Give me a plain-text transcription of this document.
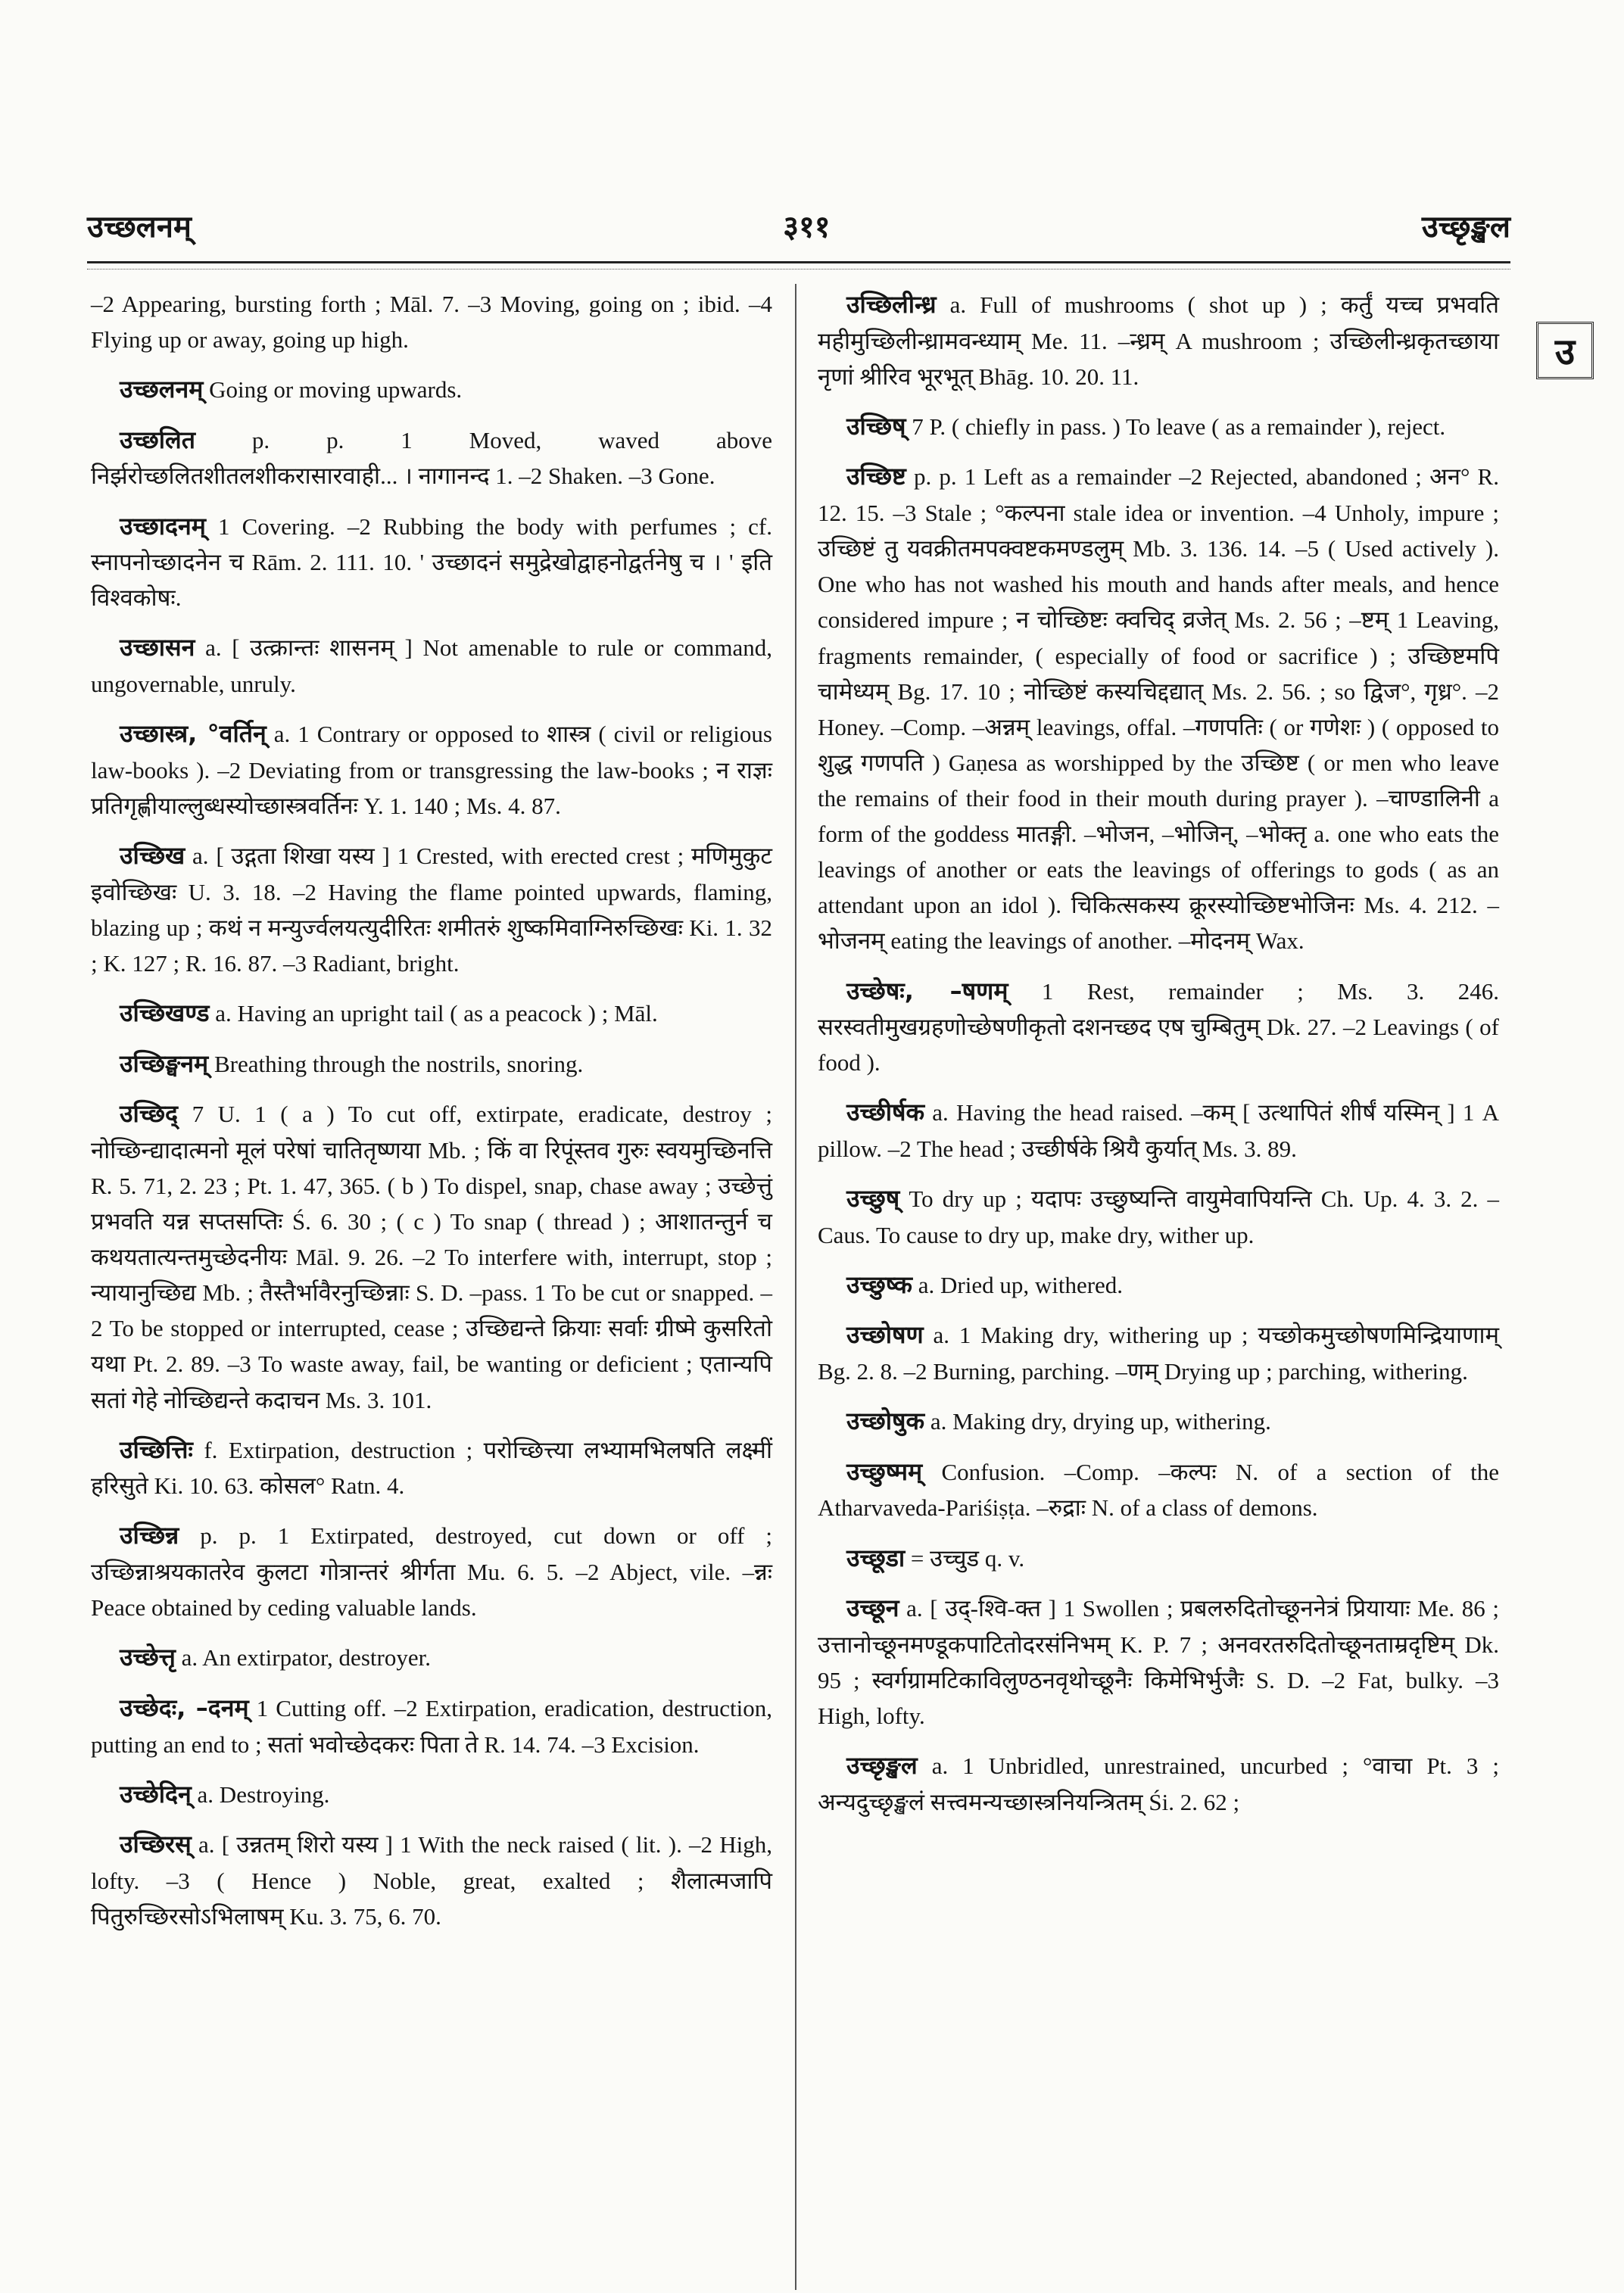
उच्छलनम्	३११	उच्छृङ्खल
उ

–2 Appearing, bursting forth ; Māl. 7. –3 Moving, going on ; ibid. –4 Flying up or away, going up high.

उच्छलनम् Going or moving upwards.

उच्छलित p. p. 1 Moved, waved above निर्झरोच्छलितशीतलशीकरासारवाही... । नागानन्द 1. –2 Shaken. –3 Gone.

उच्छादनम् 1 Covering. –2 Rubbing the body with perfumes ; cf. स्नापनोच्छादनेन च Rām. 2. 111. 10. ' उच्छादनं समुद्रेखोद्वाहनोद्वर्तनेषु च । ' इति विश्वकोषः.

उच्छासन a. [ उत्क्रान्तः शासनम् ] Not amenable to rule or command, ungovernable, unruly.

उच्छास्त्र, °वर्तिन् a. 1 Contrary or opposed to शास्त्र ( civil or religious law-books ). –2 Deviating from or transgressing the law-books ; न राज्ञः प्रतिगृह्णीयाल्लुब्धस्योच्छास्त्रवर्तिनः Y. 1. 140 ; Ms. 4. 87.

उच्छिख a. [ उद्गता शिखा यस्य ] 1 Crested, with erected crest ; मणिमुकुट इवोच्छिखः U. 3. 18. –2 Having the flame pointed upwards, flaming, blazing up ; कथं न मन्युर्ज्वलयत्युदीरितः शमीतरुं शुष्कमिवाग्निरुच्छिखः Ki. 1. 32 ; K. 127 ; R. 16. 87. –3 Radiant, bright.

उच्छिखण्ड a. Having an upright tail ( as a peacock ) ; Māl.

उच्छिङ्घनम् Breathing through the nostrils, snoring.

उच्छिद् 7 U. 1 ( a ) To cut off, extirpate, eradicate, destroy ; नोच्छिन्द्यादात्मनो मूलं परेषां चातितृष्णया Mb. ; किं वा रिपूंस्तव गुरुः स्वयमुच्छिनत्ति R. 5. 71, 2. 23 ; Pt. 1. 47, 365. ( b ) To dispel, snap, chase away ; उच्छेत्तुं प्रभवति यन्न सप्तसप्तिः Ś. 6. 30 ; ( c ) To snap ( thread ) ; आशातन्तुर्न च कथयतात्यन्तमुच्छेदनीयः Māl. 9. 26. –2 To interfere with, interrupt, stop ; न्यायानुच्छिद्य Mb. ; तैस्तैर्भावैरनुच्छिन्नाः S. D. –pass. 1 To be cut or snapped. –2 To be stopped or interrupted, cease ; उच्छिद्यन्ते क्रियाः सर्वाः ग्रीष्मे कुसरितो यथा Pt. 2. 89. –3 To waste away, fail, be wanting or deficient ; एतान्यपि सतां गेहे नोच्छिद्यन्ते कदाचन Ms. 3. 101.

उच्छित्तिः f. Extirpation, destruction ; परोच्छित्त्या लभ्यामभिलषति लक्ष्मीं हरिसुते Ki. 10. 63. कोसल° Ratn. 4.

उच्छिन्न p. p. 1 Extirpated, destroyed, cut down or off ; उच्छिन्नाश्रयकातरेव कुलटा गोत्रान्तरं श्रीर्गता Mu. 6. 5. –2 Abject, vile. –न्नः Peace obtained by ceding valuable lands.

उच्छेत्तृ a. An extirpator, destroyer.

उच्छेदः, –दनम् 1 Cutting off. –2 Extirpation, eradication, destruction, putting an end to ; सतां भवोच्छेदकरः पिता ते R. 14. 74. –3 Excision.

उच्छेदिन् a. Destroying.

उच्छिरस् a. [ उन्नतम् शिरो यस्य ] 1 With the neck raised ( lit. ). –2 High, lofty. –3 ( Hence ) Noble, great, exalted ; शैलात्मजापि पितुरुच्छिरसोऽभिलाषम् Ku. 3. 75, 6. 70.

उच्छिलीन्ध्र a. Full of mushrooms ( shot up ) ; कर्तुं यच्च प्रभवति महीमुच्छिलीन्ध्रामवन्ध्याम् Me. 11. –न्ध्रम् A mushroom ; उच्छिलीन्ध्रकृतच्छाया नृणां श्रीरिव भूरभूत् Bhāg. 10. 20. 11.

उच्छिष् 7 P. ( chiefly in pass. ) To leave ( as a remainder ), reject.

उच्छिष्ट p. p. 1 Left as a remainder –2 Rejected, abandoned ; अन° R. 12. 15. –3 Stale ; °कल्पना stale idea or invention. –4 Unholy, impure ; उच्छिष्टं तु यवक्रीतमपक्वष्टकमण्डलुम् Mb. 3. 136. 14. –5 ( Used actively ). One who has not washed his mouth and hands after meals, and hence considered impure ; न चोच्छिष्टः क्वचिद् व्रजेत् Ms. 2. 56 ; –ष्टम् 1 Leaving, fragments remainder, ( especially of food or sacrifice ) ; उच्छिष्टमपि चामेध्यम् Bg. 17. 10 ; नोच्छिष्टं कस्यचिद्दद्यात् Ms. 2. 56. ; so द्विज°, गृध्र°. –2 Honey. –Comp. –अन्नम् leavings, offal. –गणपतिः ( or गणेशः ) ( opposed to शुद्ध गणपति ) Gaṇesa as worshipped by the उच्छिष्ट ( or men who leave the remains of their food in their mouth during prayer ). –चाण्डालिनी a form of the goddess मातङ्गी. –भोजन, –भोजिन्, –भोक्तृ a. one who eats the leavings of another or eats the leavings of offerings to gods ( as an attendant upon an idol ). चिकित्सकस्य क्रूरस्योच्छिष्टभोजिनः Ms. 4. 212. –भोजनम् eating the leavings of another. –मोदनम् Wax.

उच्छेषः, –षणम् 1 Rest, remainder ; Ms. 3. 246. सरस्वतीमुखग्रहणोच्छेषणीकृतो दशनच्छद एष चुम्बितुम् Dk. 27. –2 Leavings ( of food ).

उच्छीर्षक a. Having the head raised. –कम् [ उत्थापितं शीर्षं यस्मिन् ] 1 A pillow. –2 The head ; उच्छीर्षके श्रियै कुर्यात् Ms. 3. 89.

उच्छुष् To dry up ; यदापः उच्छुष्यन्ति वायुमेवापियन्ति Ch. Up. 4. 3. 2. –Caus. To cause to dry up, make dry, wither up.

उच्छुष्क a. Dried up, withered.

उच्छोषण a. 1 Making dry, withering up ; यच्छोकमुच्छोषणमिन्द्रियाणाम् Bg. 2. 8. –2 Burning, parching. –णम् Drying up ; parching, withering.

उच्छोषुक a. Making dry, drying up, withering.

उच्छुष्मम् Confusion. –Comp. –कल्पः N. of a section of the Atharvaveda-Pariśiṣṭa. –रुद्राः N. of a class of demons.

उच्छूडा = उच्चुड q. v.

उच्छून a. [ उद्-श्वि-क्त ] 1 Swollen ; प्रबलरुदितोच्छूननेत्रं प्रियायाः Me. 86 ; उत्तानोच्छूनमण्डूकपाटितोदरसंनिभम् K. P. 7 ; अनवरतरुदितोच्छूनताम्रदृष्टिम् Dk. 95 ; स्वर्गग्रामटिकाविलुण्ठनवृथोच्छूनैः किमेभिर्भुजैः S. D. –2 Fat, bulky. –3 High, lofty.

उच्छृङ्खल a. 1 Unbridled, unrestrained, uncurbed ; °वाचा Pt. 3 ; अन्यदुच्छृङ्खलं सत्त्वमन्यच्छास्त्रनियन्त्रितम् Śi. 2. 62 ;
